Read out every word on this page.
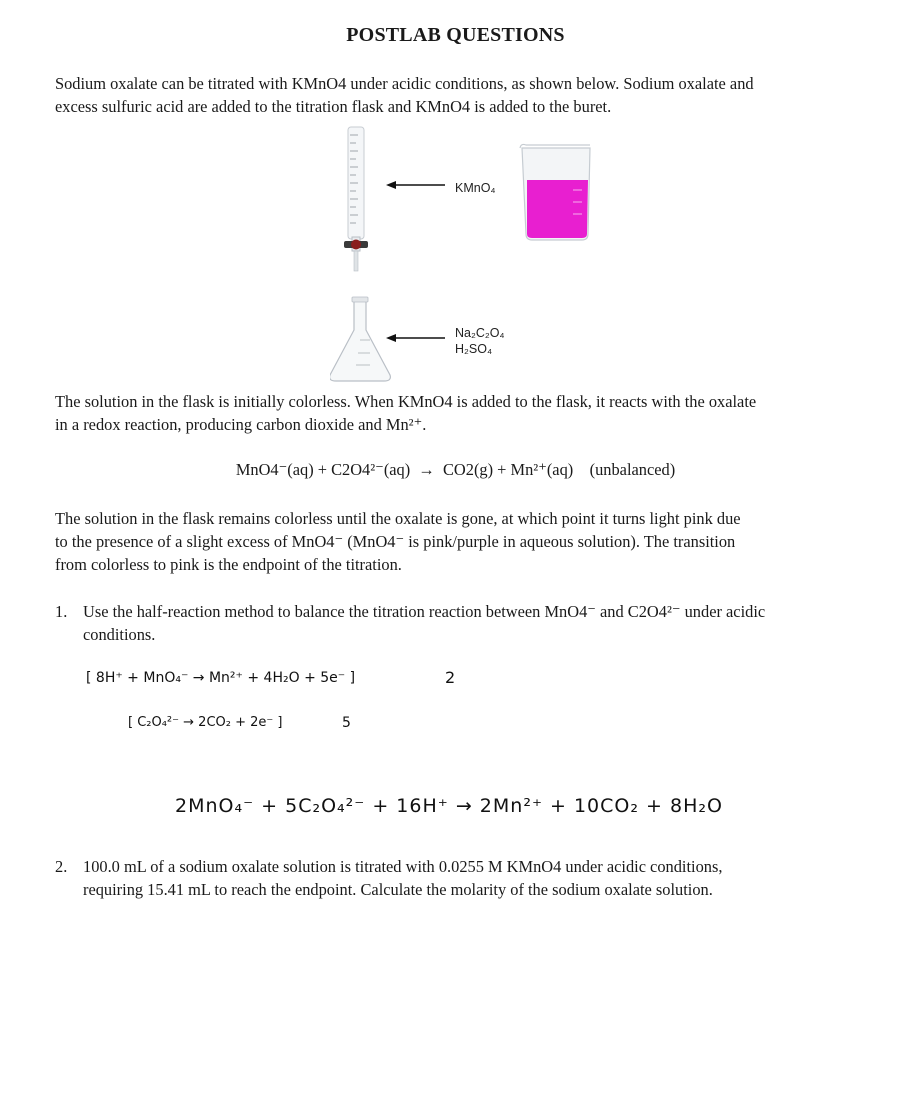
POSTLAB QUESTIONS
Sodium oxalate can be titrated with KMnO4 under acidic conditions, as shown below. Sodium oxalate and
excess sulfuric acid are added to the titration flask and KMnO4 is added to the buret.
KMnO₄
Na₂C₂O₄
H₂SO₄
The solution in the flask is initially colorless. When KMnO4 is added to the flask, it reacts with the oxalate
in a redox reaction, producing carbon dioxide and Mn²⁺.
MnO4⁻(aq) + C2O4²⁻(aq) → CO2(g) + Mn²⁺(aq) (unbalanced)
The solution in the flask remains colorless until the oxalate is gone, at which point it turns light pink due
to the presence of a slight excess of MnO4⁻ (MnO4⁻ is pink/purple in aqueous solution). The transition
from colorless to pink is the endpoint of the titration.
1. Use the half-reaction method to balance the titration reaction between MnO4⁻ and C2O4²⁻ under acidic
conditions.
[ 8H⁺ + MnO₄⁻ → Mn²⁺ + 4H₂O + 5e⁻ ]	2
[ C₂O₄²⁻ → 2CO₂ + 2e⁻ ]	5
2MnO₄⁻ + 5C₂O₄²⁻ + 16H⁺ → 2Mn²⁺ + 10CO₂ + 8H₂O
2. 100.0 mL of a sodium oxalate solution is titrated with 0.0255 M KMnO4 under acidic conditions,
requiring 15.41 mL to reach the endpoint. Calculate the molarity of the sodium oxalate solution.
